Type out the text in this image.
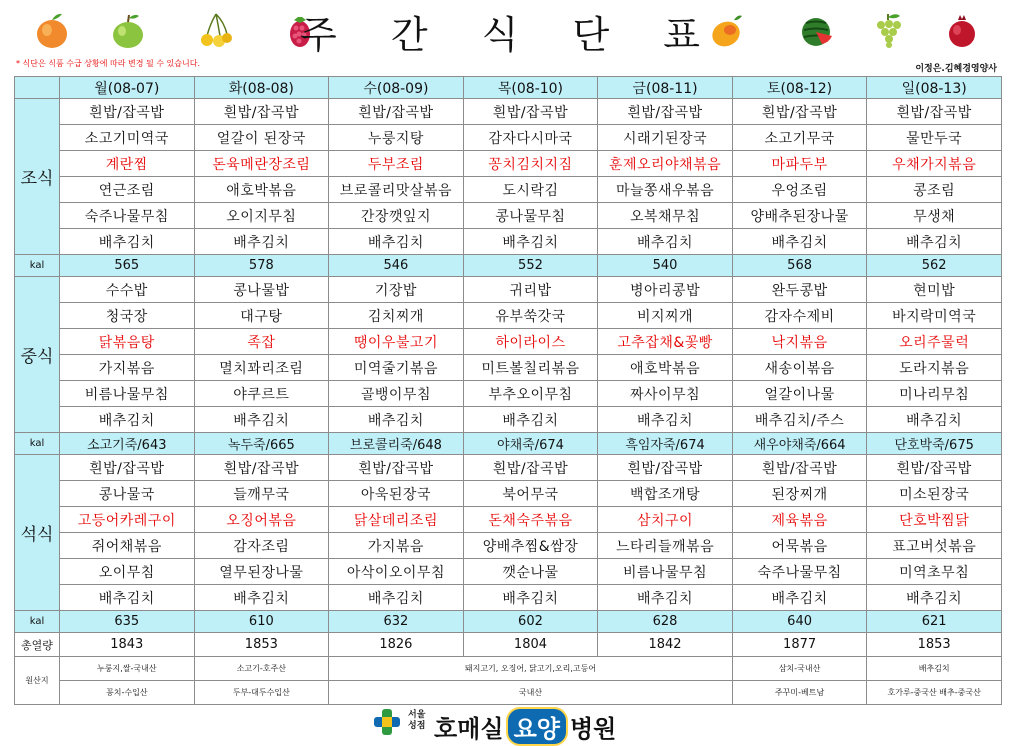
주 간 식 단 표
* 식단은 식품 수급 상황에 따라 변경 될 수 있습니다.
이정은.김혜경영양사
	월(08-07)	화(08-08)	수(08-09)	목(08-10)	금(08-11)	토(08-12)	일(08-13)	
조식	흰밥/잡곡밥	흰밥/잡곡밥	흰밥/잡곡밥	흰밥/잡곡밥	흰밥/잡곡밥	흰밥/잡곡밥	흰밥/잡곡밥	
	소고기미역국	얼갈이 된장국	누룽지탕	감자다시마국	시래기된장국	소고기무국	물만두국	
	계란찜	돈육메란장조림	두부조림	꽁치김치지짐	훈제오리야채볶음	마파두부	우채가지볶음	
	연근조림	애호박볶음	브로콜리맛살볶음	도시락김	마늘쫑새우볶음	우엉조림	콩조림	
	숙주나물무침	오이지무침	간장깻잎지	콩나물무침	오복채무침	양배추된장나물	무생채	
	배추김치	배추김치	배추김치	배추김치	배추김치	배추김치	배추김치	
kal	565	578	546	552	540	568	562	
중식	수수밥	콩나물밥	기장밥	귀리밥	병아리콩밥	완두콩밥	현미밥	
	청국장	대구탕	김치찌개	유부쑥갓국	비지찌개	감자수제비	바지락미역국	
	닭볶음탕	족잡	땡이우불고기	하이라이스	고추잡채&꽃빵	낙지볶음	오리주물럭	
	가지볶음	멸치꽈리조림	미역줄기볶음	미트볼칠리볶음	애호박볶음	새송이볶음	도라지볶음	
	비름나물무침	야쿠르트	골뱅이무침	부추오이무침	짜사이무침	얼갈이나물	미나리무침	
	배추김치	배추김치	배추김치	배추김치	배추김치	배추김치/주스	배추김치	
kal	소고기죽/643	녹두죽/665	브로콜리죽/648	야채죽/674	흑임자죽/674	새우야채죽/664	단호박죽/675	
석식	흰밥/잡곡밥	흰밥/잡곡밥	흰밥/잡곡밥	흰밥/잡곡밥	흰밥/잡곡밥	흰밥/잡곡밥	흰밥/잡곡밥	
	콩나물국	들깨무국	아욱된장국	북어무국	백합조개탕	된장찌개	미소된장국	
	고등어카레구이	오징어볶음	닭살데리조림	돈채숙주볶음	삼치구이	제육볶음	단호박찜닭	
	쥐어채볶음	감자조림	가지볶음	양배추찜&쌈장	느타리들깨볶음	어묵볶음	표고버섯볶음	
	오이무침	열무된장나물	아삭이오이무침	깻순나물	비름나물무침	숙주나물무침	미역초무침	
	배추김치	배추김치	배추김치	배추김치	배추김치	배추김치	배추김치	
kal	635	610	632	602	628	640	621	
총열량	1843	1853	1826	1804	1842	1877	1853	
원산지	누룽지,쌀-국내산	소고기-호주산	돼지고기, 오징어, 닭고기,오리,고등어			삼치-국내산	배추김치	
	꽁치-수입산	두부-대두수입산	국내산			주꾸미-베트남	호가루-중국산 배추-중국산	
서울 성점 호매실 요양 병원
